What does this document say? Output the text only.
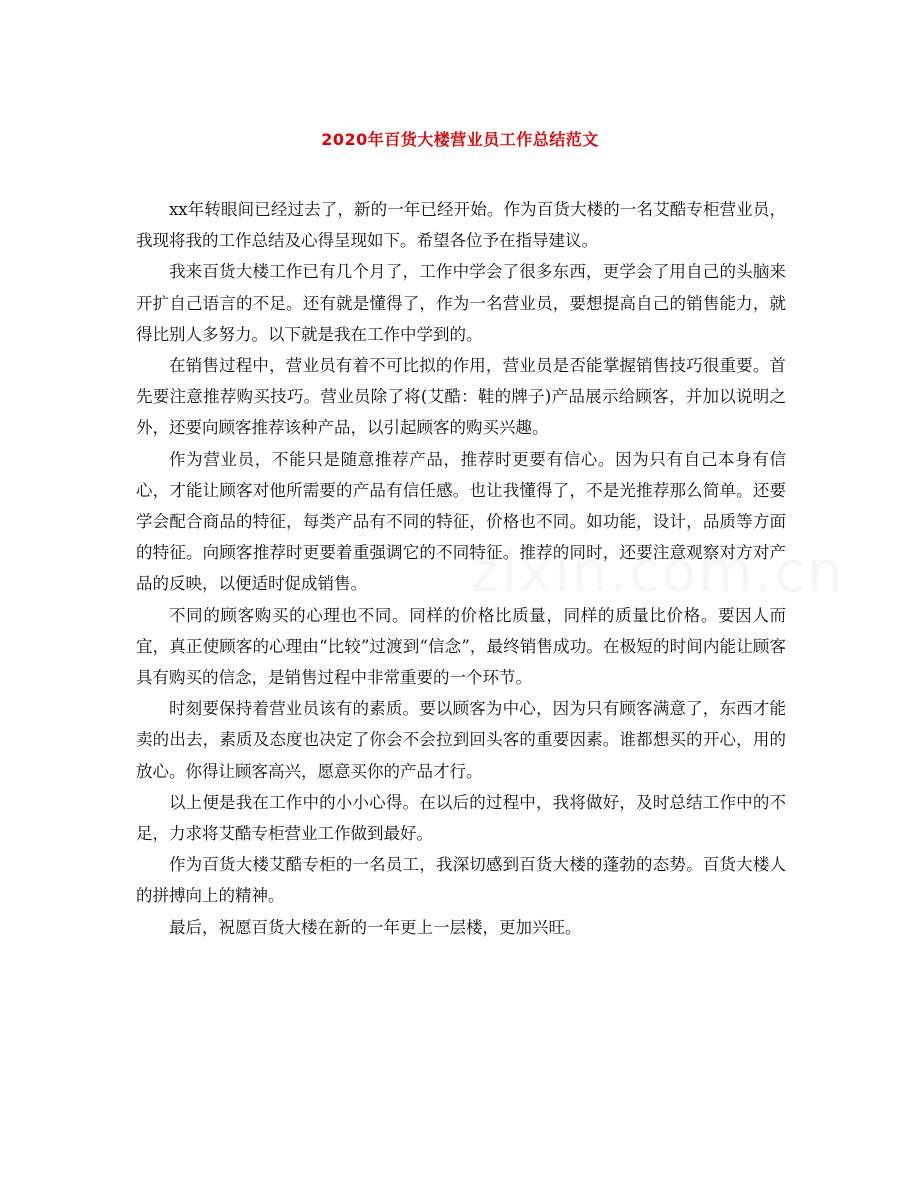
2020年百货大楼营业员工作总结范文

xx年转眼间已经过去了，新的一年已经开始。作为百货大楼的一名艾酷专柜营业员，我现将我的工作总结及心得呈现如下。希望各位予在指导建议。

我来百货大楼工作已有几个月了，工作中学会了很多东西，更学会了用自己的头脑来开扩自己语言的不足。还有就是懂得了，作为一名营业员，要想提高自己的销售能力，就得比别人多努力。以下就是我在工作中学到的。

在销售过程中，营业员有着不可比拟的作用，营业员是否能掌握销售技巧很重要。首先要注意推荐购买技巧。营业员除了将(艾酷：鞋的牌子)产品展示给顾客，并加以说明之外，还要向顾客推荐该种产品，以引起顾客的购买兴趣。

作为营业员，不能只是随意推荐产品，推荐时更要有信心。因为只有自己本身有信心，才能让顾客对他所需要的产品有信任感。也让我懂得了，不是光推荐那么简单。还要学会配合商品的特征，每类产品有不同的特征，价格也不同。如功能，设计，品质等方面的特征。向顾客推荐时更要着重强调它的不同特征。推荐的同时，还要注意观察对方对产品的反映，以便适时促成销售。

不同的顾客购买的心理也不同。同样的价格比质量，同样的质量比价格。要因人而宜，真正使顾客的心理由“比较”过渡到“信念”，最终销售成功。在极短的时间内能让顾客具有购买的信念，是销售过程中非常重要的一个环节。

时刻要保持着营业员该有的素质。要以顾客为中心，因为只有顾客满意了，东西才能卖的出去，素质及态度也决定了你会不会拉到回头客的重要因素。谁都想买的开心，用的放心。你得让顾客高兴，愿意买你的产品才行。

以上便是我在工作中的小小心得。在以后的过程中，我将做好，及时总结工作中的不足，力求将艾酷专柜营业工作做到最好。

作为百货大楼艾酷专柜的一名员工，我深切感到百货大楼的蓬勃的态势。百货大楼人的拼搏向上的精神。

最后，祝愿百货大楼在新的一年更上一层楼，更加兴旺。
